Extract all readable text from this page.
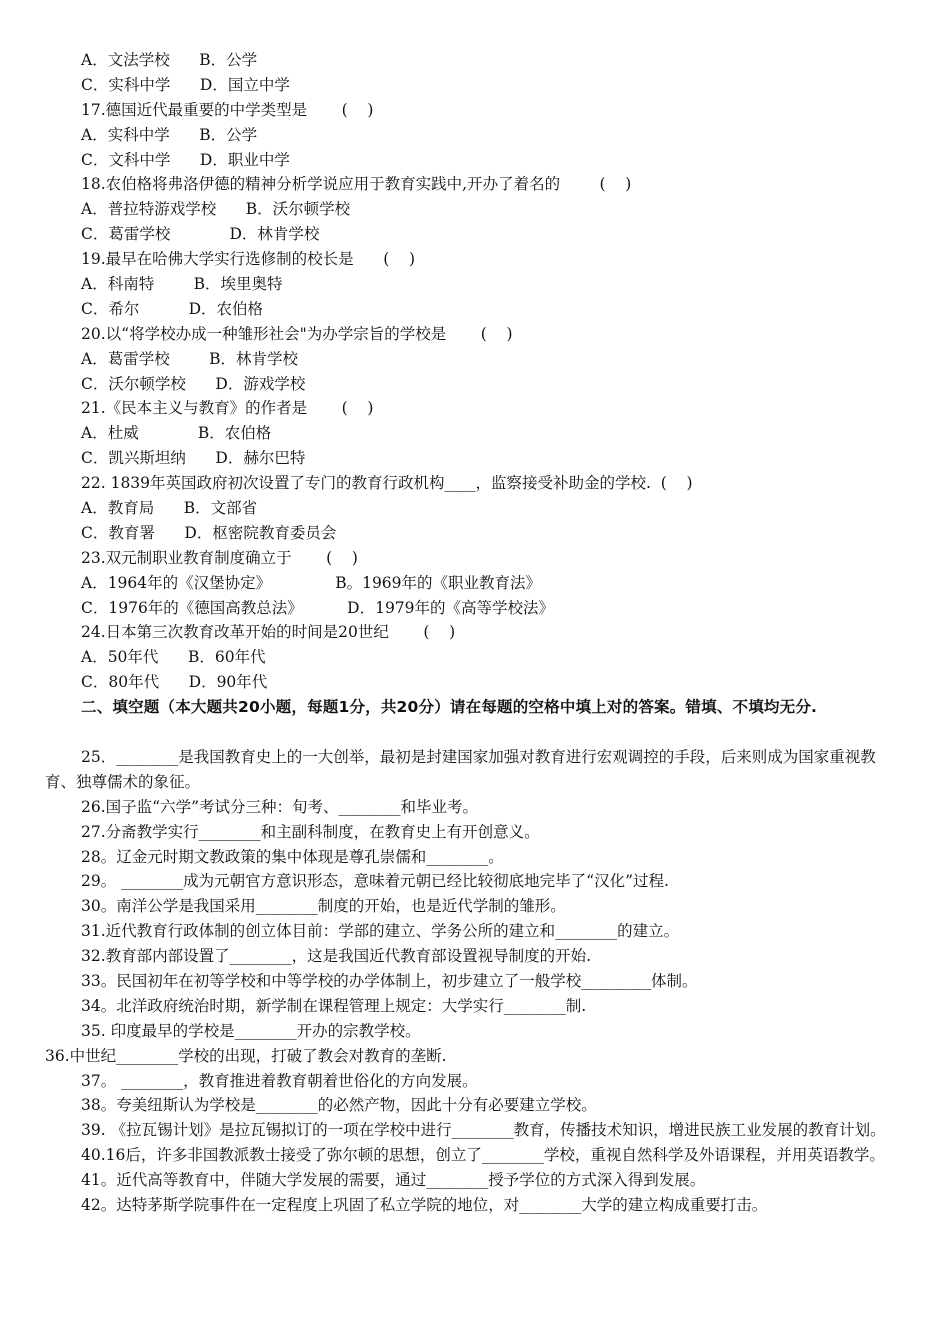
A．文法学校      B．公学
C．实科中学      D．国立中学
17.德国近代最重要的中学类型是       (    )
A．实科中学      B．公学
C．文科中学      D．职业中学
18.农伯格将弗洛伊德的精神分析学说应用于教育实践中,开办了着名的        (    )
A．普拉特游戏学校      B．沃尔顿学校
C．葛雷学校            D．林肯学校
19.最早在哈佛大学实行选修制的校长是      (    )
A．科南特        B．埃里奥特
C．希尔          D．农伯格
20.以“将学校办成一种雏形社会"为办学宗旨的学校是       (    )
A．葛雷学校        B．林肯学校
C．沃尔顿学校      D．游戏学校
21.《民本主义与教育》的作者是       (    )
A．杜威            B．农伯格
C．凯兴斯坦纳      D．赫尔巴特
22. 1839年英国政府初次设置了专门的教育行政机构____，监察接受补助金的学校.  (    )
A．教育局      B．文部省
C．教育署      D．枢密院教育委员会
23.双元制职业教育制度确立于       (    )
A．1964年的《汉堡协定》             B。1969年的《职业教育法》
C．1976年的《德国高教总法》         D．1979年的《高等学校法》
24.日本第三次教育改革开始的时间是20世纪       (    )
A．50年代      B．60年代
C．80年代      D．90年代
二、填空题（本大题共20小题，每题1分，共20分）请在每题的空格中填上对的答案。错填、不填均无分.
25．________是我国教育史上的一大创举，最初是封建国家加强对教育进行宏观调控的手段，后来则成为国家重视教育、独尊儒术的象征。
26.国子监“六学”考试分三种：旬考、________和毕业考。
27.分斋教学实行________和主副科制度，在教育史上有开创意义。
28。辽金元时期文教政策的集中体现是尊孔崇儒和________。
29。 ________成为元朝官方意识形态，意味着元朝已经比较彻底地完毕了“汉化”过程.
30。南洋公学是我国采用________制度的开始，也是近代学制的雏形。
31.近代教育行政体制的创立体目前：学部的建立、学务公所的建立和________的建立。
32.教育部内部设置了________，这是我国近代教育部设置视导制度的开始.
33。民国初年在初等学校和中等学校的办学体制上，初步建立了一般学校_________体制。
34。北洋政府统治时期，新学制在课程管理上规定：大学实行________制.
35. 印度最早的学校是________开办的宗教学校。
36.中世纪________学校的出现，打破了教会对教育的垄断.
37。 ________，教育推进着教育朝着世俗化的方向发展。
38。夸美纽斯认为学校是________的必然产物，因此十分有必要建立学校。
39. 《拉瓦锡计划》是拉瓦锡拟订的一项在学校中进行________教育，传播技术知识，增进民族工业发展的教育计划。
40.16后，许多非国教派教士接受了弥尔顿的思想，创立了________学校，重视自然科学及外语课程，并用英语教学。
41。近代高等教育中，伴随大学发展的需要，通过________授予学位的方式深入得到发展。
42。达特茅斯学院事件在一定程度上巩固了私立学院的地位，对________大学的建立构成重要打击。
